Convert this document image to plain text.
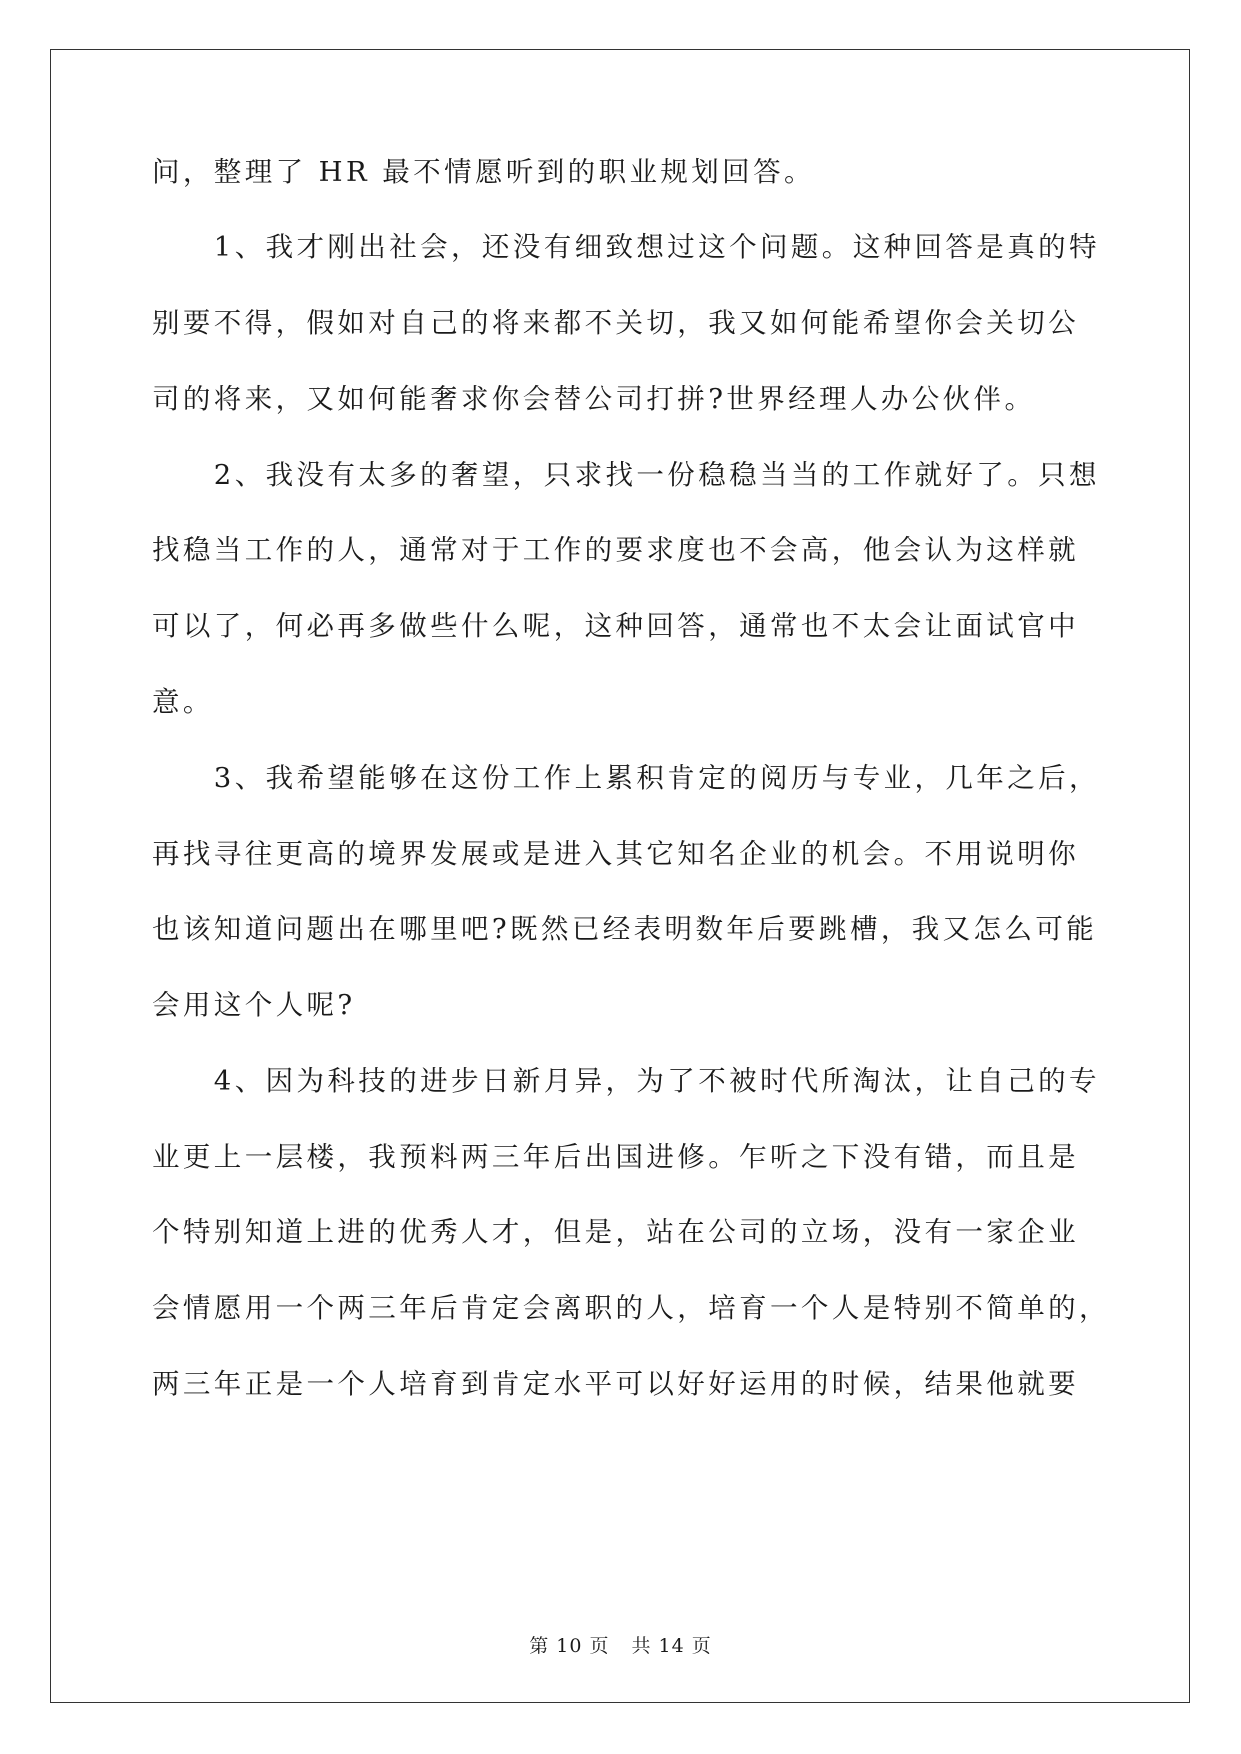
问，整理了 HR 最不情愿听到的职业规划回答。
　　1、我才刚出社会，还没有细致想过这个问题。这种回答是真的特
别要不得，假如对自己的将来都不关切，我又如何能希望你会关切公
司的将来，又如何能奢求你会替公司打拼?世界经理人办公伙伴。
　　2、我没有太多的奢望，只求找一份稳稳当当的工作就好了。只想
找稳当工作的人，通常对于工作的要求度也不会高，他会认为这样就
可以了，何必再多做些什么呢，这种回答，通常也不太会让面试官中
意。
　　3、我希望能够在这份工作上累积肯定的阅历与专业，几年之后，
再找寻往更高的境界发展或是进入其它知名企业的机会。不用说明你
也该知道问题出在哪里吧?既然已经表明数年后要跳槽，我又怎么可能
会用这个人呢?
　　4、因为科技的进步日新月异，为了不被时代所淘汰，让自己的专
业更上一层楼，我预料两三年后出国进修。乍听之下没有错，而且是
个特别知道上进的优秀人才，但是，站在公司的立场，没有一家企业
会情愿用一个两三年后肯定会离职的人，培育一个人是特别不简单的，
两三年正是一个人培育到肯定水平可以好好运用的时候，结果他就要
第 10 页 共 14 页
